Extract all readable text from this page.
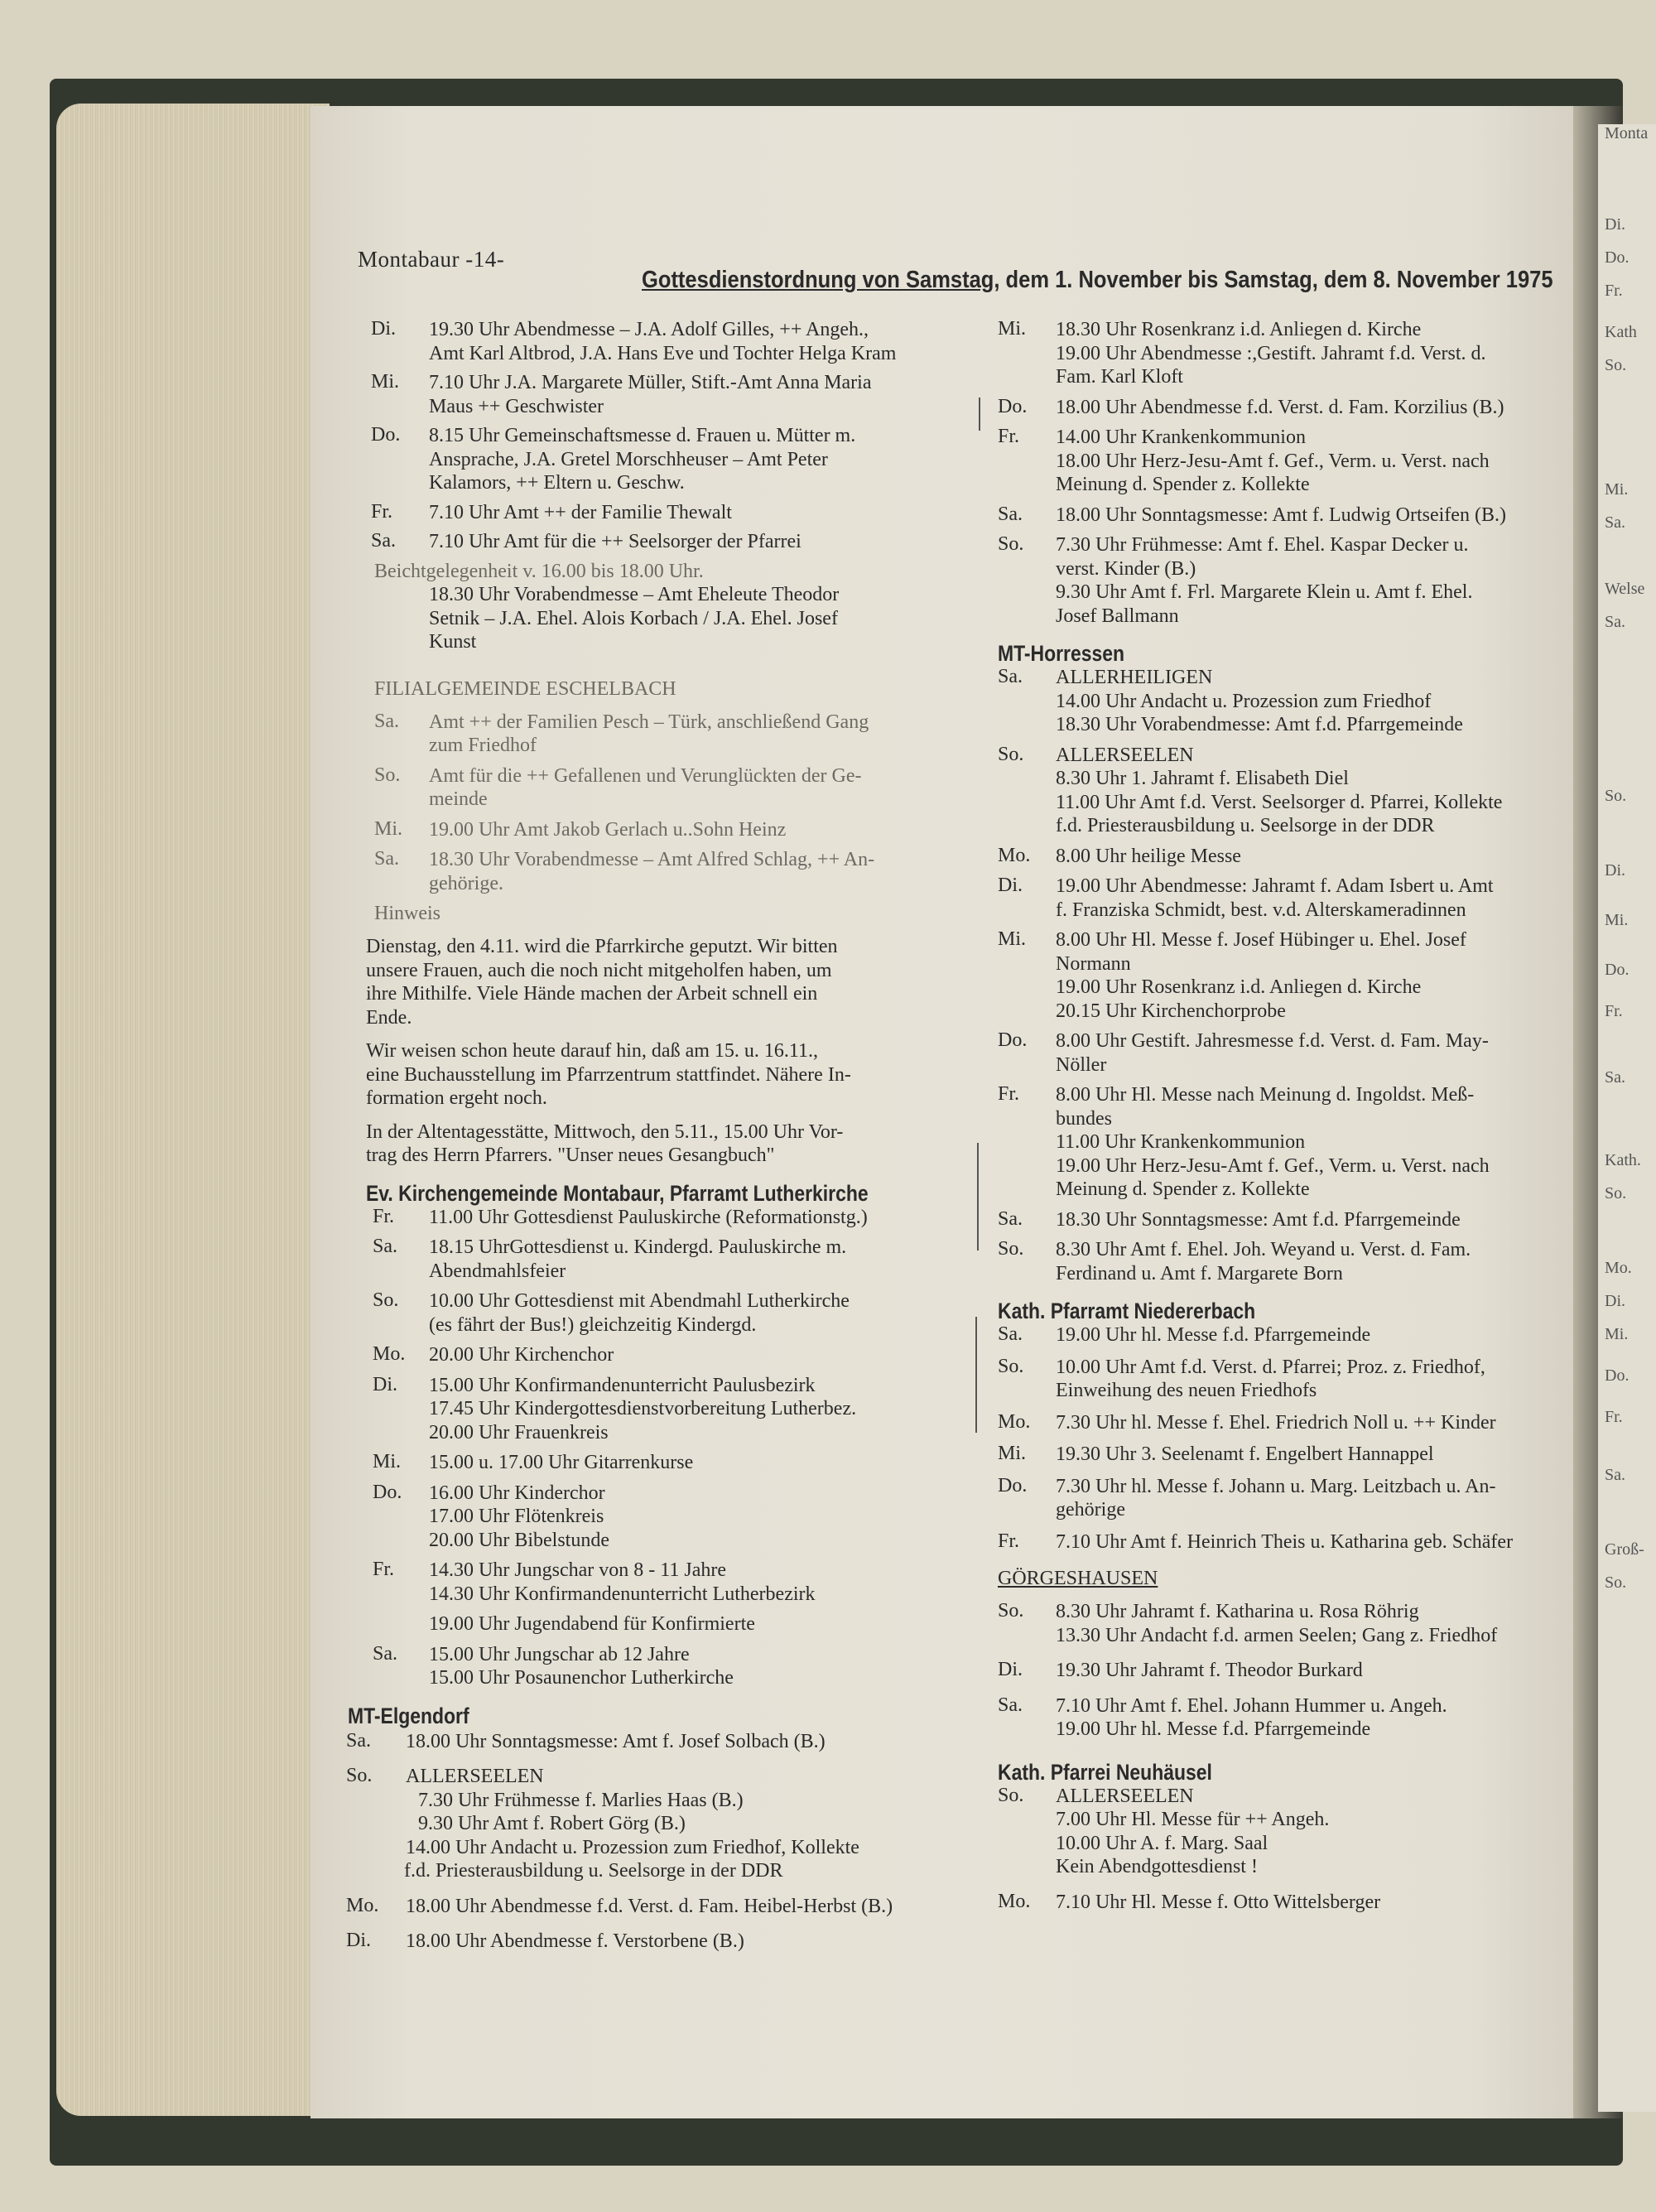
Monta
Di.
Do.
Fr.
Kath
So.
Mi.
Sa.
Welse
Sa.
So.
Di.
Mi.
Do.
Fr.
Sa.
Kath.
So.
Mo.
Di.
Mi.
Do.
Fr.
Sa.
Groß-
So.
Montabaur -14-
Gottesdienstordnung von Samstag, dem 1. November bis Samstag, dem 8. November 1975
Di. 19.30 Uhr Abendmesse – J.A. Adolf Gilles, ++ Angeh.,
Amt Karl Altbrod, J.A. Hans Eve und Tochter Helga Kram
Mi. 7.10 Uhr J.A. Margarete Müller, Stift.-Amt Anna Maria
Maus ++ Geschwister
Do. 8.15 Uhr Gemeinschaftsmesse d. Frauen u. Mütter m.
Ansprache, J.A. Gretel Morschheuser – Amt Peter
Kalamors, ++ Eltern u. Geschw.
Fr. 7.10 Uhr Amt ++ der Familie Thewalt
Sa. 7.10 Uhr Amt für die ++ Seelsorger der Pfarrei
Beichtgelegenheit v. 16.00 bis 18.00 Uhr.
18.30 Uhr Vorabendmesse – Amt Eheleute Theodor
Setnik – J.A. Ehel. Alois Korbach / J.A. Ehel. Josef
Kunst
FILIALGEMEINDE ESCHELBACH
Sa. Amt ++ der Familien Pesch – Türk, anschließend Gang
zum Friedhof
So. Amt für die ++ Gefallenen und Verunglückten der Ge-
meinde
Mi. 19.00 Uhr Amt Jakob Gerlach u..Sohn Heinz
Sa. 18.30 Uhr Vorabendmesse – Amt Alfred Schlag, ++ An-
gehörige.
Hinweis
Dienstag, den 4.11. wird die Pfarrkirche geputzt. Wir bitten
unsere Frauen, auch die noch nicht mitgeholfen haben, um
ihre Mithilfe. Viele Hände machen der Arbeit schnell ein
Ende.
Wir weisen schon heute darauf hin, daß am 15. u. 16.11.,
eine Buchausstellung im Pfarrzentrum stattfindet. Nähere In-
formation ergeht noch.
In der Altentagesstätte, Mittwoch, den 5.11., 15.00 Uhr Vor-
trag des Herrn Pfarrers. "Unser neues Gesangbuch"
Ev. Kirchengemeinde Montabaur, Pfarramt Lutherkirche
Fr. 11.00 Uhr Gottesdienst Pauluskirche (Reformationstg.)
Sa. 18.15 UhrGottesdienst u. Kindergd. Pauluskirche m.
Abendmahlsfeier
So. 10.00 Uhr Gottesdienst mit Abendmahl Lutherkirche
(es fährt der Bus!) gleichzeitig Kindergd.
Mo. 20.00 Uhr Kirchenchor
Di. 15.00 Uhr Konfirmandenunterricht Paulusbezirk
17.45 Uhr Kindergottesdienstvorbereitung Lutherbez.
20.00 Uhr Frauenkreis
Mi. 15.00 u. 17.00 Uhr Gitarrenkurse
Do. 16.00 Uhr Kinderchor
17.00 Uhr Flötenkreis
20.00 Uhr Bibelstunde
Fr. 14.30 Uhr Jungschar von 8 - 11 Jahre
14.30 Uhr Konfirmandenunterricht Lutherbezirk
19.00 Uhr Jugendabend für Konfirmierte
Sa. 15.00 Uhr Jungschar ab 12 Jahre
15.00 Uhr Posaunenchor Lutherkirche
MT-Elgendorf
Sa. 18.00 Uhr Sonntagsmesse: Amt f. Josef Solbach (B.)
So. ALLERSEELEN
7.30 Uhr Frühmesse f. Marlies Haas (B.)
9.30 Uhr Amt f. Robert Görg (B.)
14.00 Uhr Andacht u. Prozession zum Friedhof, Kollekte
f.d. Priesterausbildung u. Seelsorge in der DDR
Mo. 18.00 Uhr Abendmesse f.d. Verst. d. Fam. Heibel-Herbst (B.)
Di. 18.00 Uhr Abendmesse f. Verstorbene (B.)
Mi. 18.30 Uhr Rosenkranz i.d. Anliegen d. Kirche
19.00 Uhr Abendmesse :,Gestift. Jahramt f.d. Verst. d.
Fam. Karl Kloft
Do. 18.00 Uhr Abendmesse f.d. Verst. d. Fam. Korzilius (B.)
Fr. 14.00 Uhr Krankenkommunion
18.00 Uhr Herz-Jesu-Amt f. Gef., Verm. u. Verst. nach
Meinung d. Spender z. Kollekte
Sa. 18.00 Uhr Sonntagsmesse: Amt f. Ludwig Ortseifen (B.)
So. 7.30 Uhr Frühmesse: Amt f. Ehel. Kaspar Decker u.
verst. Kinder (B.)
9.30 Uhr Amt f. Frl. Margarete Klein u. Amt f. Ehel.
Josef Ballmann
MT-Horressen
Sa. ALLERHEILIGEN
14.00 Uhr Andacht u. Prozession zum Friedhof
18.30 Uhr Vorabendmesse: Amt f.d. Pfarrgemeinde
So. ALLERSEELEN
8.30 Uhr 1. Jahramt f. Elisabeth Diel
11.00 Uhr Amt f.d. Verst. Seelsorger d. Pfarrei, Kollekte
f.d. Priesterausbildung u. Seelsorge in der DDR
Mo. 8.00 Uhr heilige Messe
Di. 19.00 Uhr Abendmesse: Jahramt f. Adam Isbert u. Amt
f. Franziska Schmidt, best. v.d. Alterskameradinnen
Mi. 8.00 Uhr Hl. Messe f. Josef Hübinger u. Ehel. Josef
Normann
19.00 Uhr Rosenkranz i.d. Anliegen d. Kirche
20.15 Uhr Kirchenchorprobe
Do. 8.00 Uhr Gestift. Jahresmesse f.d. Verst. d. Fam. May-
Nöller
Fr. 8.00 Uhr Hl. Messe nach Meinung d. Ingoldst. Meß-
bundes
11.00 Uhr Krankenkommunion
19.00 Uhr Herz-Jesu-Amt f. Gef., Verm. u. Verst. nach
Meinung d. Spender z. Kollekte
Sa. 18.30 Uhr Sonntagsmesse: Amt f.d. Pfarrgemeinde
So. 8.30 Uhr Amt f. Ehel. Joh. Weyand u. Verst. d. Fam.
Ferdinand u. Amt f. Margarete Born
Kath. Pfarramt Niedererbach
Sa. 19.00 Uhr hl. Messe f.d. Pfarrgemeinde
So. 10.00 Uhr Amt f.d. Verst. d. Pfarrei; Proz. z. Friedhof,
Einweihung des neuen Friedhofs
Mo. 7.30 Uhr hl. Messe f. Ehel. Friedrich Noll u. ++ Kinder
Mi. 19.30 Uhr 3. Seelenamt f. Engelbert Hannappel
Do. 7.30 Uhr hl. Messe f. Johann u. Marg. Leitzbach u. An-
gehörige
Fr. 7.10 Uhr Amt f. Heinrich Theis u. Katharina geb. Schäfer
GÖRGESHAUSEN
So. 8.30 Uhr Jahramt f. Katharina u. Rosa Röhrig
13.30 Uhr Andacht f.d. armen Seelen; Gang z. Friedhof
Di. 19.30 Uhr Jahramt f. Theodor Burkard
Sa. 7.10 Uhr Amt f. Ehel. Johann Hummer u. Angeh.
19.00 Uhr hl. Messe f.d. Pfarrgemeinde
Kath. Pfarrei Neuhäusel
So. ALLERSEELEN
7.00 Uhr Hl. Messe für ++ Angeh.
10.00 Uhr A. f. Marg. Saal
Kein Abendgottesdienst !
Mo. 7.10 Uhr Hl. Messe f. Otto Wittelsberger
